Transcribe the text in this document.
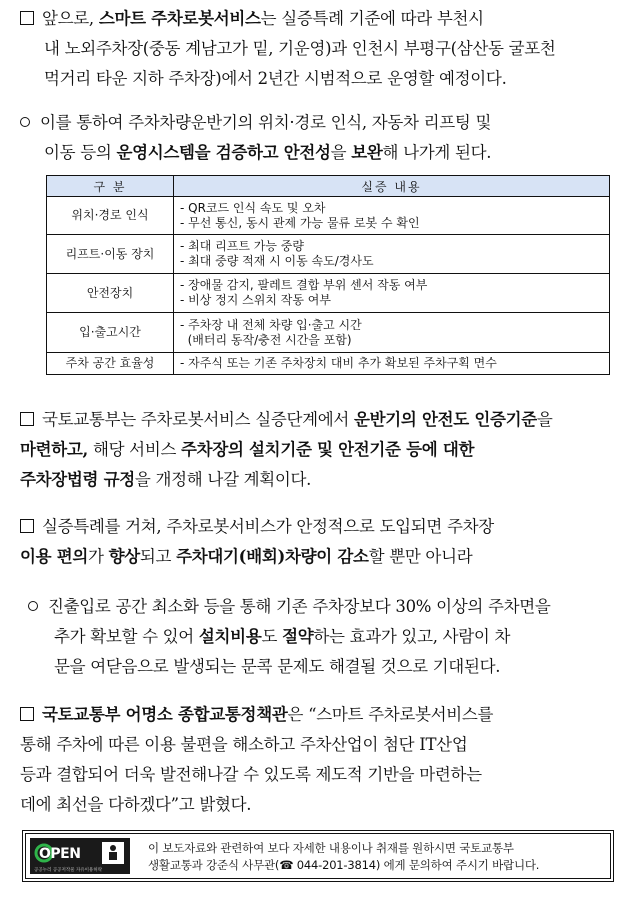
앞으로, 스마트 주차로봇서비스는 실증특례 기준에 따라 부천시
내 노외주차장(중동 계남고가 밑, 기운영)과 인천시 부평구(삼산동 굴포천
먹거리 타운 지하 주차장)에서 2년간 시범적으로 운영할 예정이다.
이를 통하여 주차차량운반기의 위치·경로 인식, 자동차 리프팅 및
이동 등의 운영시스템을 검증하고 안전성을 보완해 나가게 된다.
구 분	실증 내용
위치·경로 인식	- QR코드 인식 속도 및 오차
- 무선 통신, 동시 관제 가능 물류 로봇 수 확인

리프트·이동 장치	- 최대 리프트 가능 중량
- 최대 중량 적재 시 이동 속도/경사도

안전장치	- 장애물 감지, 팔레트 결합 부위 센서 작동 여부
- 비상 정지 스위치 작동 여부

입·출고시간	- 주차장 내 전체 차량 입·출고 시간
(배터리 동작/충전 시간을 포함)

주차 공간 효율성	- 자주식 또는 기존 주차장치 대비 추가 확보된 주차구획 면수
국토교통부는 주차로봇서비스 실증단계에서 운반기의 안전도 인증기준을
마련하고, 해당 서비스 주차장의 설치기준 및 안전기준 등에 대한
주차장법령 규정을 개정해 나갈 계획이다.
실증특례를 거쳐, 주차로봇서비스가 안정적으로 도입되면 주차장
이용 편의가 향상되고 주차대기(배회)차량이 감소할 뿐만 아니라
진출입로 공간 최소화 등을 통해 기존 주차장보다 30% 이상의 주차면을
추가 확보할 수 있어 설치비용도 절약하는 효과가 있고, 사람이 차
문을 여닫음으로 발생되는 문콕 문제도 해결될 것으로 기대된다.
국토교통부 어명소 종합교통정책관은 “스마트 주차로봇서비스를
통해 주차에 따른 이용 불편을 해소하고 주차산업이 첨단 IT산업
등과 결합되어 더욱 발전해나갈 수 있도록 제도적 기반을 마련하는
데에 최선을 다하겠다”고 밝혔다.
OPEN
공공누리 공공저작물 자유이용허락
이 보도자료와 관련하여 보다 자세한 내용이나 취재를 원하시면 국토교통부
생활교통과 강준식 사무관(☎ 044-201-3814) 에게 문의하여 주시기 바랍니다.
